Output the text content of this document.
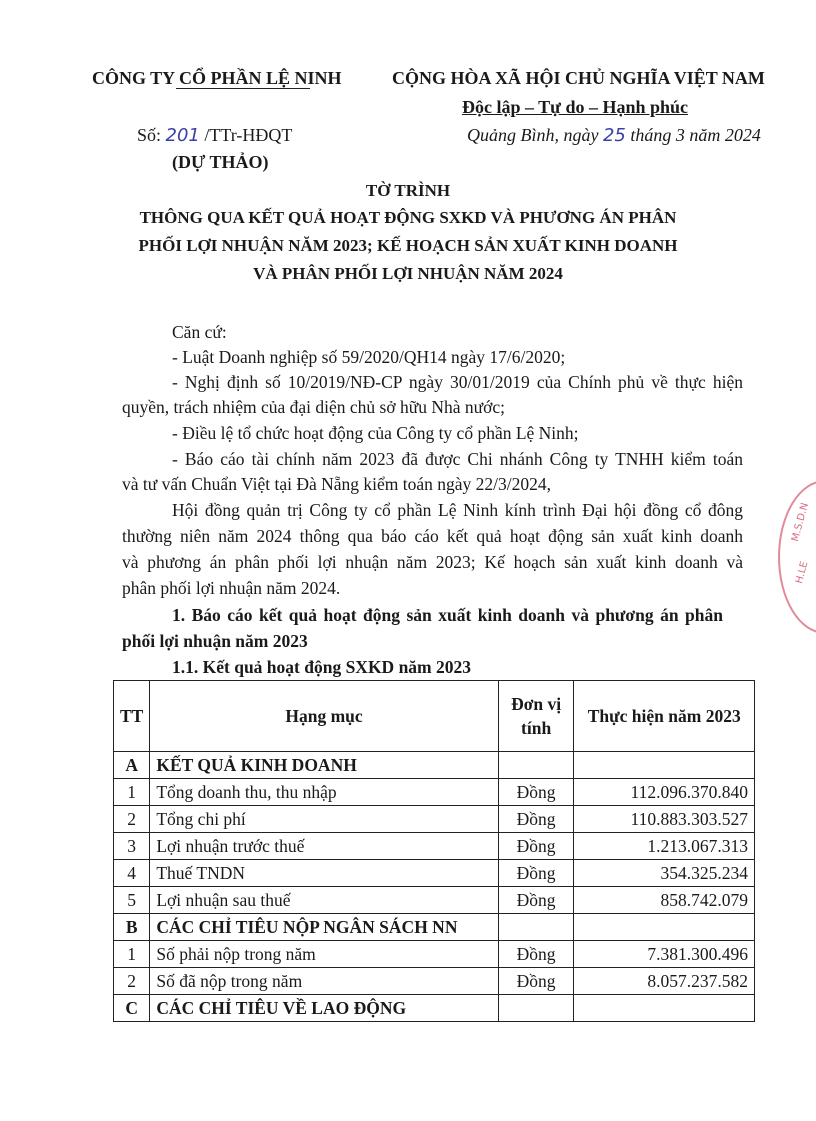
CÔNG TY CỔ PHẦN LỆ NINH	CỘNG HÒA XÃ HỘI CHỦ NGHĨA VIỆT NAM
Độc lập – Tự do – Hạnh phúc
Số: 201 /TTr-HĐQT
(DỰ THẢO)
Quảng Bình, ngày 25 tháng 3 năm 2024
TỜ TRÌNH
THÔNG QUA KẾT QUẢ HOẠT ĐỘNG SXKD VÀ PHƯƠNG ÁN PHÂN
PHỐI LỢI NHUẬN NĂM 2023; KẾ HOẠCH SẢN XUẤT KINH DOANH
VÀ PHÂN PHỐI LỢI NHUẬN NĂM 2024
Căn cứ:
- Luật Doanh nghiệp số 59/2020/QH14 ngày 17/6/2020;
- Nghị định số 10/2019/NĐ-CP ngày 30/01/2019 của Chính phủ về thực hiện
quyền, trách nhiệm của đại diện chủ sở hữu Nhà nước;
- Điều lệ tổ chức hoạt động của Công ty cổ phần Lệ Ninh;
- Báo cáo tài chính năm 2023 đã được Chi nhánh Công ty TNHH kiểm toán
và tư vấn Chuẩn Việt tại Đà Nẵng kiểm toán ngày 22/3/2024,
Hội đồng quản trị Công ty cổ phần Lệ Ninh kính trình Đại hội đồng cổ đông
thường niên năm 2024 thông qua báo cáo kết quả hoạt động sản xuất kinh doanh
và phương án phân phối lợi nhuận năm 2023; Kế hoạch sản xuất kinh doanh và
phân phối lợi nhuận năm 2024.
1. Báo cáo kết quả hoạt động sản xuất kinh doanh và phương án phân
phối lợi nhuận năm 2023
1.1. Kết quả hoạt động SXKD năm 2023
TT	Hạng mục	Đơn vị tính	Thực hiện năm 2023
A	KẾT QUẢ KINH DOANH		
1	Tổng doanh thu, thu nhập	Đồng	112.096.370.840
2	Tổng chi phí	Đồng	110.883.303.527
3	Lợi nhuận trước thuế	Đồng	1.213.067.313
4	Thuế TNDN	Đồng	354.325.234
5	Lợi nhuận sau thuế	Đồng	858.742.079
B	CÁC CHỈ TIÊU NỘP NGÂN SÁCH NN		
1	Số phải nộp trong năm	Đồng	7.381.300.496
2	Số đã nộp trong năm	Đồng	8.057.237.582
C	CÁC CHỈ TIÊU VỀ LAO ĐỘNG		
M.S.D.N
H.LE
